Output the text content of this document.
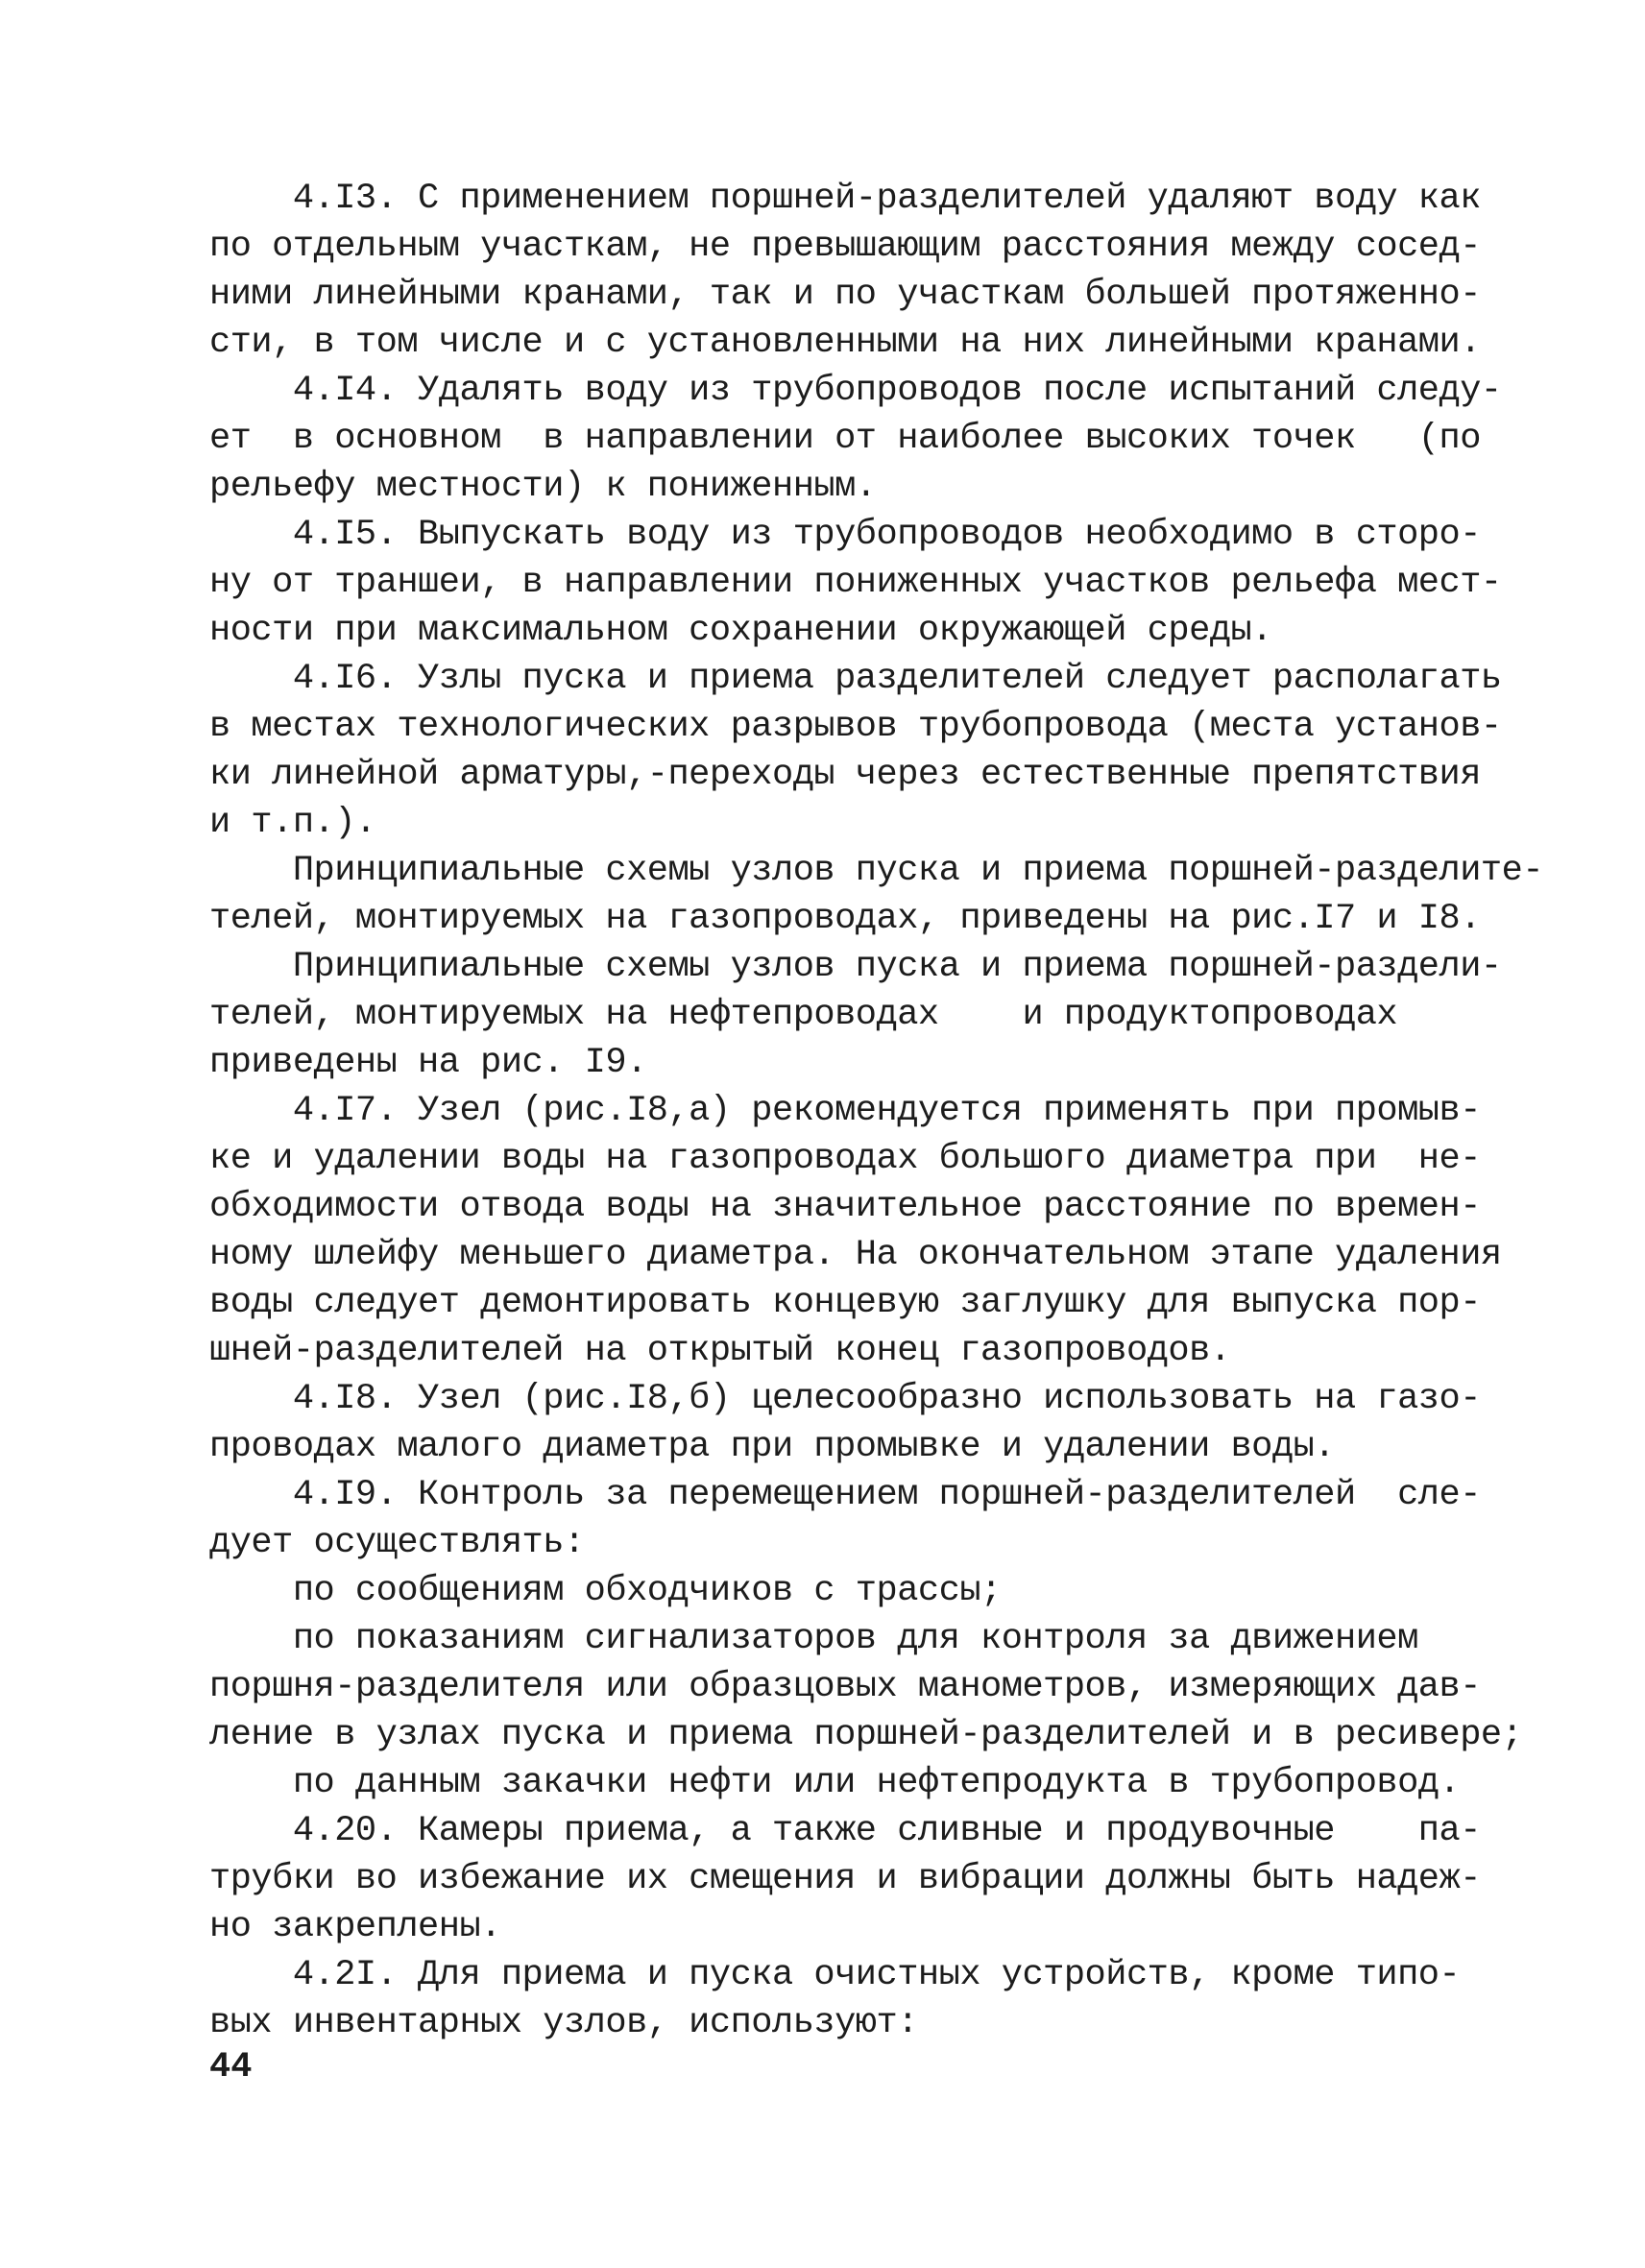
4.I3. С применением поршней-разделителей удаляют воду как
по отдельным участкам, не превышающим расстояния между сосед-
ними линейными кранами, так и по участкам большей протяженно-
сти, в том числе и с установленными на них линейными кранами.
4.I4. Удалять воду из трубопроводов после испытаний следу-
ет  в основном  в направлении от наиболее высоких точек   (по
рельефу местности) к пониженным.
4.I5. Выпускать воду из трубопроводов необходимо в сторо-
ну от траншеи, в направлении пониженных участков рельефа мест-
ности при максимальном сохранении окружающей среды.
4.I6. Узлы пуска и приема разделителей следует располагать
в местах технологических разрывов трубопровода (места установ-
ки линейной арматуры,-переходы через естественные препятствия
и т.п.).
Принципиальные схемы узлов пуска и приема поршней-разделите-
телей, монтируемых на газопроводах, приведены на рис.I7 и I8.
Принципиальные схемы узлов пуска и приема поршней-раздели-
телей, монтируемых на нефтепроводах    и продуктопроводах
приведены на рис. I9.
4.I7. Узел (рис.I8,а) рекомендуется применять при промыв-
ке и удалении воды на газопроводах большого диаметра при  не-
обходимости отвода воды на значительное расстояние по времен-
ному шлейфу меньшего диаметра. На окончательном этапе удаления
воды следует демонтировать концевую заглушку для выпуска пор-
шней-разделителей на открытый конец газопроводов.
4.I8. Узел (рис.I8,б) целесообразно использовать на газо-
проводах малого диаметра при промывке и удалении воды.
4.I9. Контроль за перемещением поршней-разделителей  сле-
дует осуществлять:
по сообщениям обходчиков с трассы;
по показаниям сигнализаторов для контроля за движением
поршня-разделителя или образцовых манометров, измеряющих дав-
ление в узлах пуска и приема поршней-разделителей и в ресивере;
по данным закачки нефти или нефтепродукта в трубопровод.
4.20. Камеры приема, а также сливные и продувочные    па-
трубки во избежание их смещения и вибрации должны быть надеж-
но закреплены.
4.2I. Для приема и пуска очистных устройств, кроме типо-
вых инвентарных узлов, используют:
44
